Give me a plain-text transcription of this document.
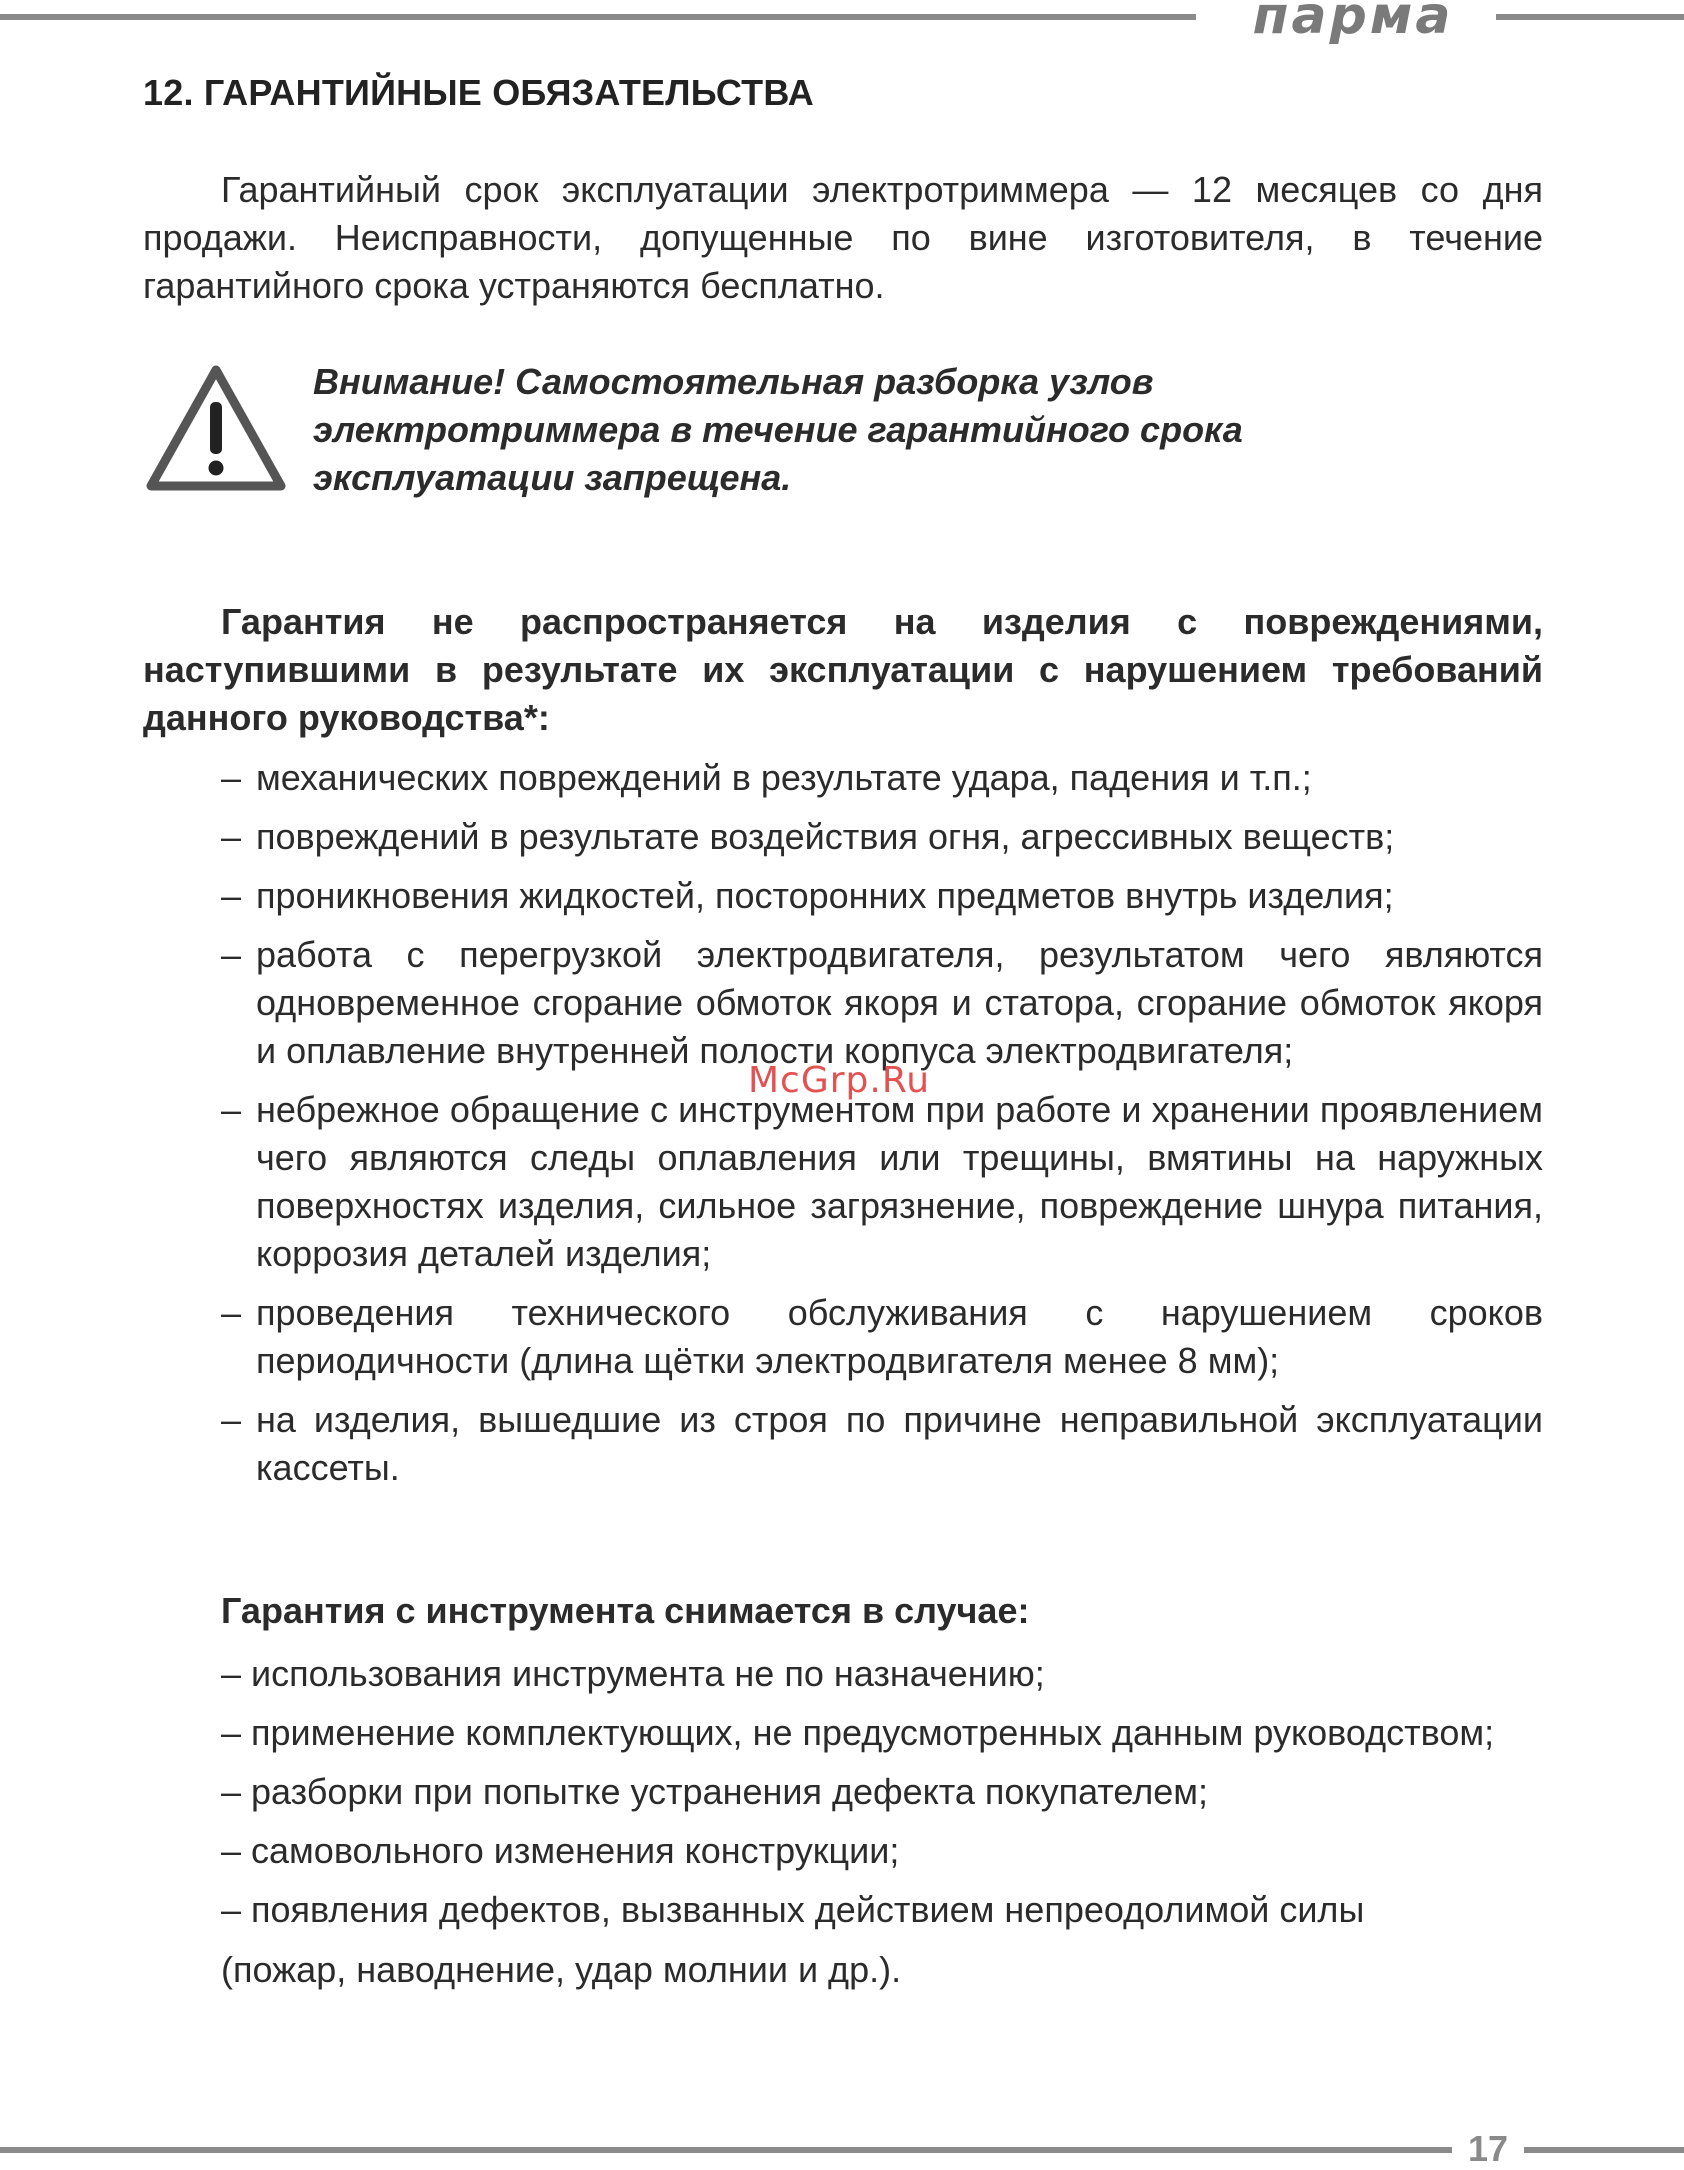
парма
12. ГАРАНТИЙНЫЕ ОБЯЗАТЕЛЬСТВА

Гарантийный срок эксплуатации электротриммера — 12 месяцев со дня продажи. Неисправности, допущенные по вине изготовителя, в течение гарантийного срока устраняются бесплатно.

Внимание! Самостоятельная разборка узлов электротриммера в течение гарантийного срока эксплуатации запрещена.

Гарантия не распространяется на изделия с повреждениями, наступившими в результате их эксплуатации с нарушением требований данного руководства*:

– механических повреждений в результате удара, падения и т.п.;
– повреждений в результате воздействия огня, агрессивных веществ;
– проникновения жидкостей, посторонних предметов внутрь изделия;
– работа с перегрузкой электродвигателя, результатом чего являются одновременное сгорание обмоток якоря и статора, сгорание обмоток якоря и оплавление внутренней полости корпуса электродвигателя;
– небрежное обращение с инструментом при работе и хранении проявлением чего являются следы оплавления или трещины, вмятины на наружных поверхностях изделия, сильное загрязнение, повреждение шнура питания, коррозия деталей изделия;
– проведения технического обслуживания с нарушением сроков периодичности (длина щётки электродвигателя менее 8 мм);
– на изделия, вышедшие из строя по причине неправильной эксплуатации кассеты.
McGrp.Ru

Гарантия с инструмента снимается в случае:

– использования инструмента не по назначению;
– применение комплектующих, не предусмотренных данным руководством;
– разборки при попытке устранения дефекта покупателем;
– самовольного изменения конструкции;
– появления дефектов, вызванных действием непреодолимой силы

(пожар, наводнение, удар молнии и др.).

17
